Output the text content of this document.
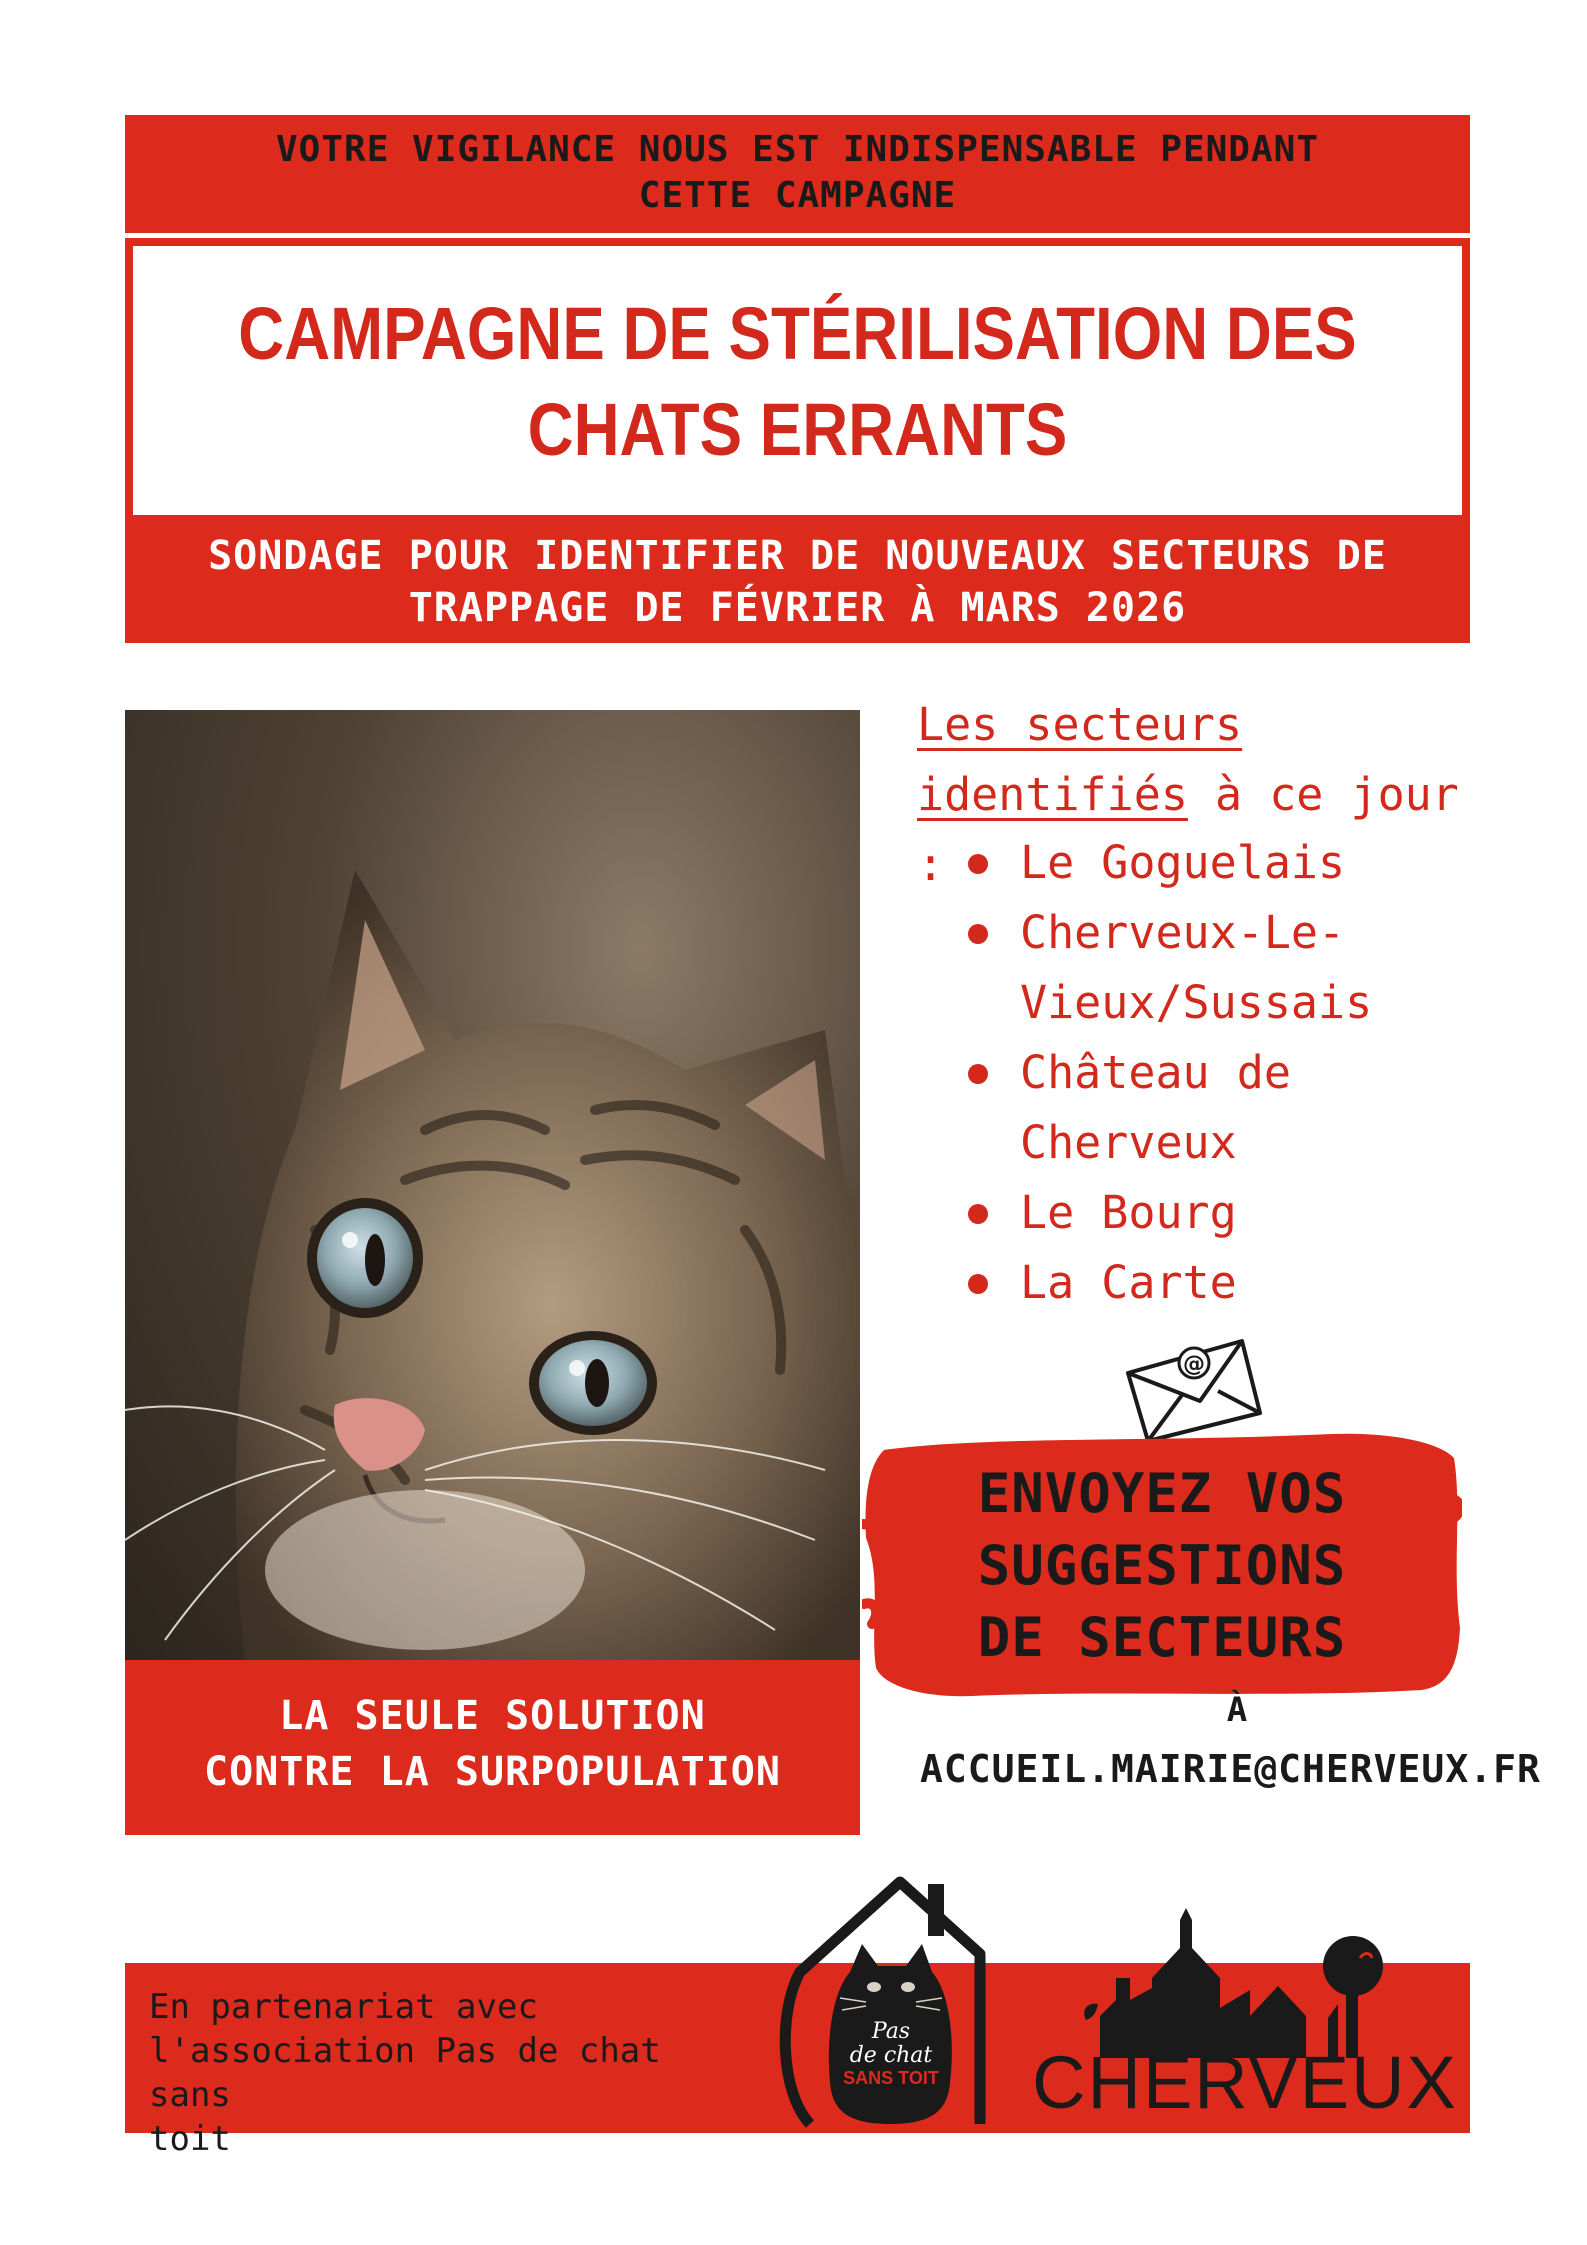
VOTRE VIGILANCE NOUS EST INDISPENSABLE PENDANT
CETTE CAMPAGNE
CAMPAGNE DE STÉRILISATION DES
CHATS ERRANTS
SONDAGE POUR IDENTIFIER DE NOUVEAUX SECTEURS DE
TRAPPAGE DE FÉVRIER À MARS 2026
LA SEULE SOLUTION
CONTRE LA SURPOPULATION
Les secteurs
identifiés à ce jour :	Le Goguelais
Cherveux-Le-
Vieux/Sussais
Château de
Cherveux
Le Bourg
La Carte
@
ENVOYEZ VOS
SUGGESTIONS
DE SECTEURS
À
ACCUEIL.MAIRIE@CHERVEUX.FR
En partenariat avec
l'association Pas de chat sans
toit
Pas
de chat
SANS TOIT CHERVEUX
